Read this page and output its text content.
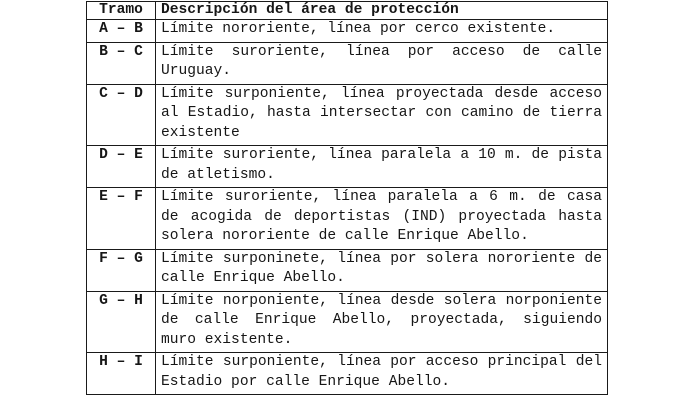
Tramo	Descripción del área de protección
A – B	Límite nororiente, línea por cerco existente.
B – C	Límite suroriente, línea por acceso de calle Uruguay.
C – D	Límite surponiente, línea proyectada desde acceso al Estadio, hasta intersectar con camino de tierra existente
D – E	Límite suroriente, línea paralela a 10 m. de pista de atletismo.
E – F	Límite suroriente, línea paralela a 6 m. de casa de acogida de deportistas (IND) proyectada hasta solera nororiente de calle Enrique Abello.
F – G	Límite surponinete, línea por solera nororiente de calle Enrique Abello.
G – H	Límite norponiente, línea desde solera norponiente de calle Enrique Abello, proyectada, siguiendo muro existente.
H – I	Límite surponiente, línea por acceso principal del Estadio por calle Enrique Abello.
